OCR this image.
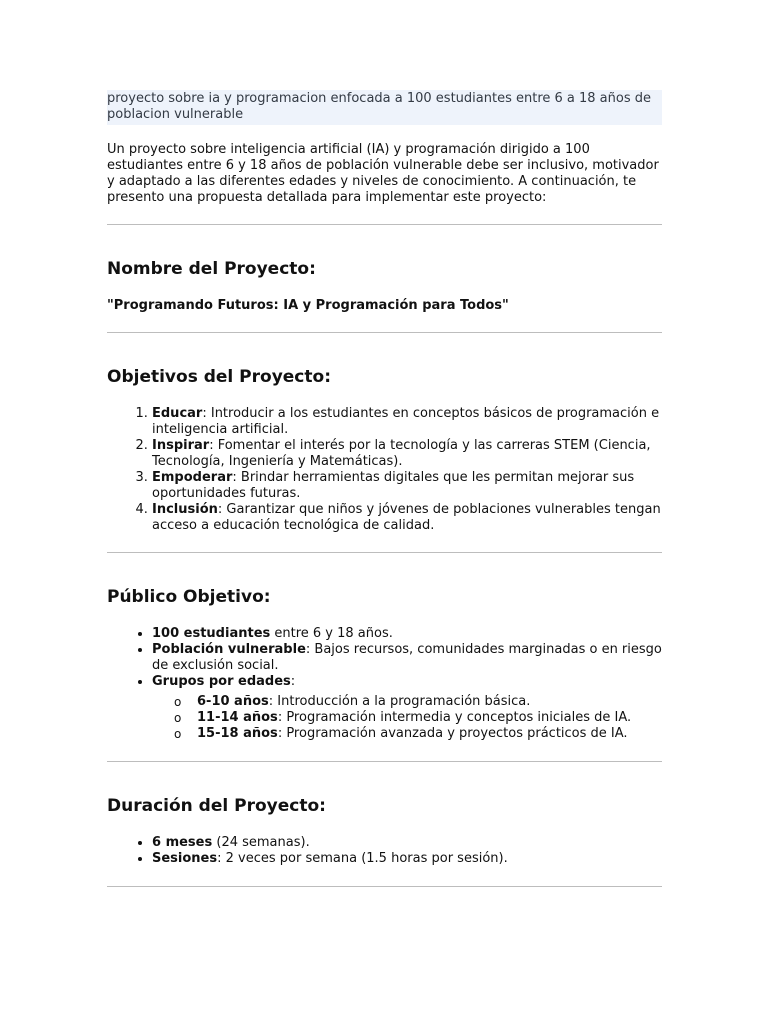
proyecto sobre ia y programacion enfocada a 100 estudiantes entre 6 a 18 años de poblacion vulnerable

Un proyecto sobre inteligencia artificial (IA) y programación dirigido a 100 estudiantes entre 6 y 18 años de población vulnerable debe ser inclusivo, motivador y adaptado a las diferentes edades y niveles de conocimiento. A continuación, te presento una propuesta detallada para implementar este proyecto:

Nombre del Proyecto:

"Programando Futuros: IA y Programación para Todos"

Objetivos del Proyecto:
1. Educar: Introducir a los estudiantes en conceptos básicos de programación e inteligencia artificial.
2. Inspirar: Fomentar el interés por la tecnología y las carreras STEM (Ciencia, Tecnología, Ingeniería y Matemáticas).
3. Empoderar: Brindar herramientas digitales que les permitan mejorar sus oportunidades futuras.
4. Inclusión: Garantizar que niños y jóvenes de poblaciones vulnerables tengan acceso a educación tecnológica de calidad.
Público Objetivo:
• 100 estudiantes entre 6 y 18 años.
• Población vulnerable: Bajos recursos, comunidades marginadas o en riesgo de exclusión social.
• Grupos por edades:
o 6-10 años: Introducción a la programación básica.
o 11-14 años: Programación intermedia y conceptos iniciales de IA.
o 15-18 años: Programación avanzada y proyectos prácticos de IA.
Duración del Proyecto:
• 6 meses (24 semanas).
• Sesiones: 2 veces por semana (1.5 horas por sesión).
